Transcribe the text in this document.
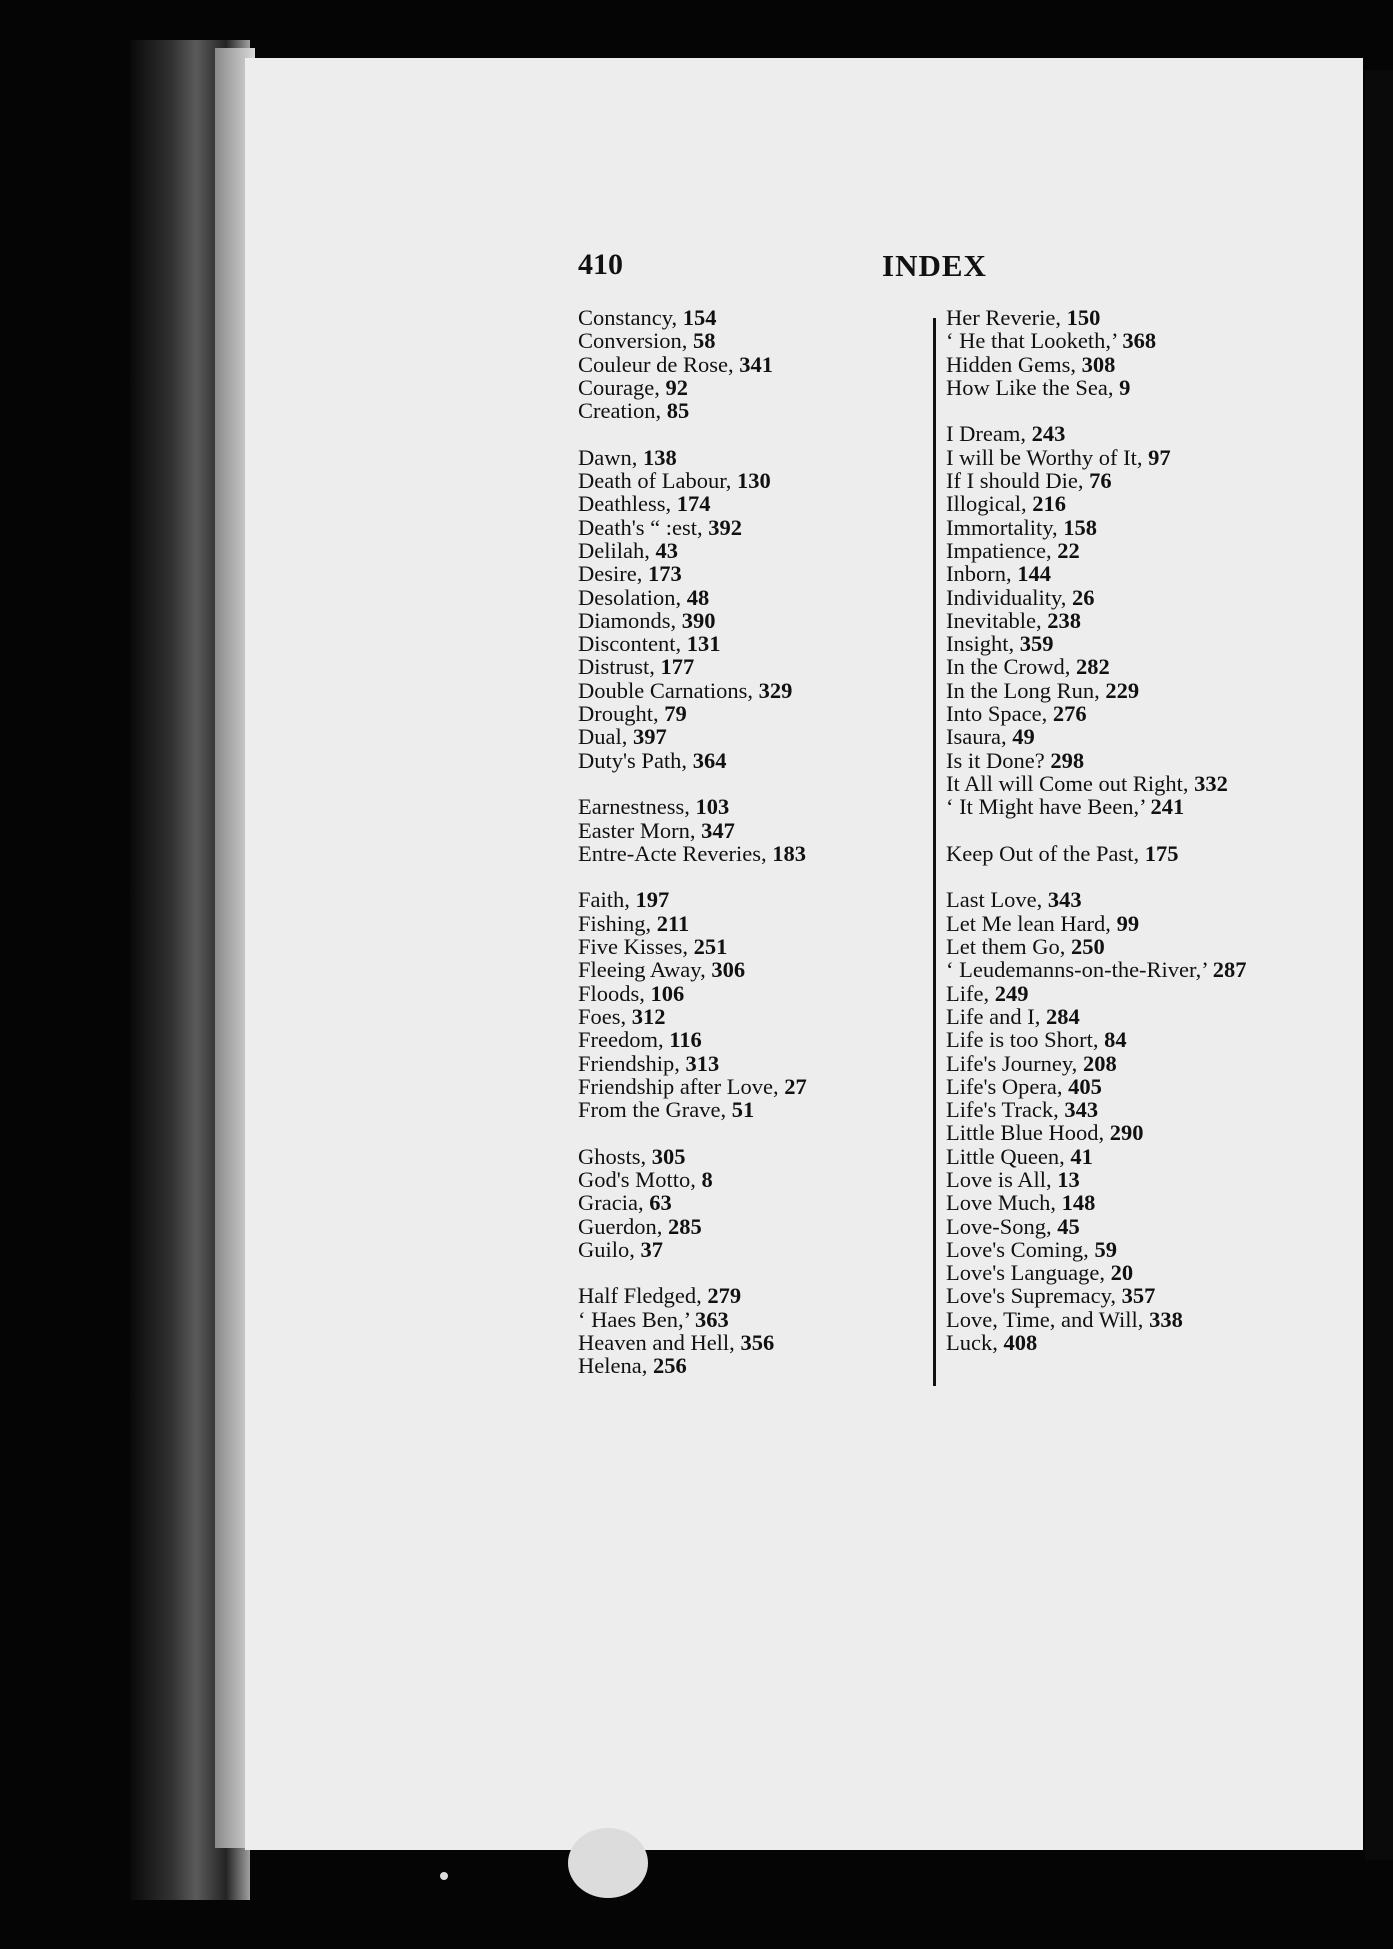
410	INDEX
Constancy, 154
Conversion, 58
Couleur de Rose, 341
Courage, 92
Creation, 85
Dawn, 138
Death of Labour, 130
Deathless, 174
Death's “ :est, 392
Delilah, 43
Desire, 173
Desolation, 48
Diamonds, 390
Discontent, 131
Distrust, 177
Double Carnations, 329
Drought, 79
Dual, 397
Duty's Path, 364
Earnestness, 103
Easter Morn, 347
Entre-Acte Reveries, 183
Faith, 197
Fishing, 211
Five Kisses, 251
Fleeing Away, 306
Floods, 106
Foes, 312
Freedom, 116
Friendship, 313
Friendship after Love, 27
From the Grave, 51
Ghosts, 305
God's Motto, 8
Gracia, 63
Guerdon, 285
Guilo, 37
Half Fledged, 279
‘ Haes Ben,’ 363
Heaven and Hell, 356
Helena, 256
Her Reverie, 150
‘ He that Looketh,’ 368
Hidden Gems, 308
How Like the Sea, 9
I Dream, 243
I will be Worthy of It, 97
If I should Die, 76
Illogical, 216
Immortality, 158
Impatience, 22
Inborn, 144
Individuality, 26
Inevitable, 238
Insight, 359
In the Crowd, 282
In the Long Run, 229
Into Space, 276
Isaura, 49
Is it Done? 298
It All will Come out Right, 332
‘ It Might have Been,’ 241
Keep Out of the Past, 175
Last Love, 343
Let Me lean Hard, 99
Let them Go, 250
‘ Leudemanns-on-the-River,’ 287
Life, 249
Life and I, 284
Life is too Short, 84
Life's Journey, 208
Life's Opera, 405
Life's Track, 343
Little Blue Hood, 290
Little Queen, 41
Love is All, 13
Love Much, 148
Love-Song, 45
Love's Coming, 59
Love's Language, 20
Love's Supremacy, 357
Love, Time, and Will, 338
Luck, 408
